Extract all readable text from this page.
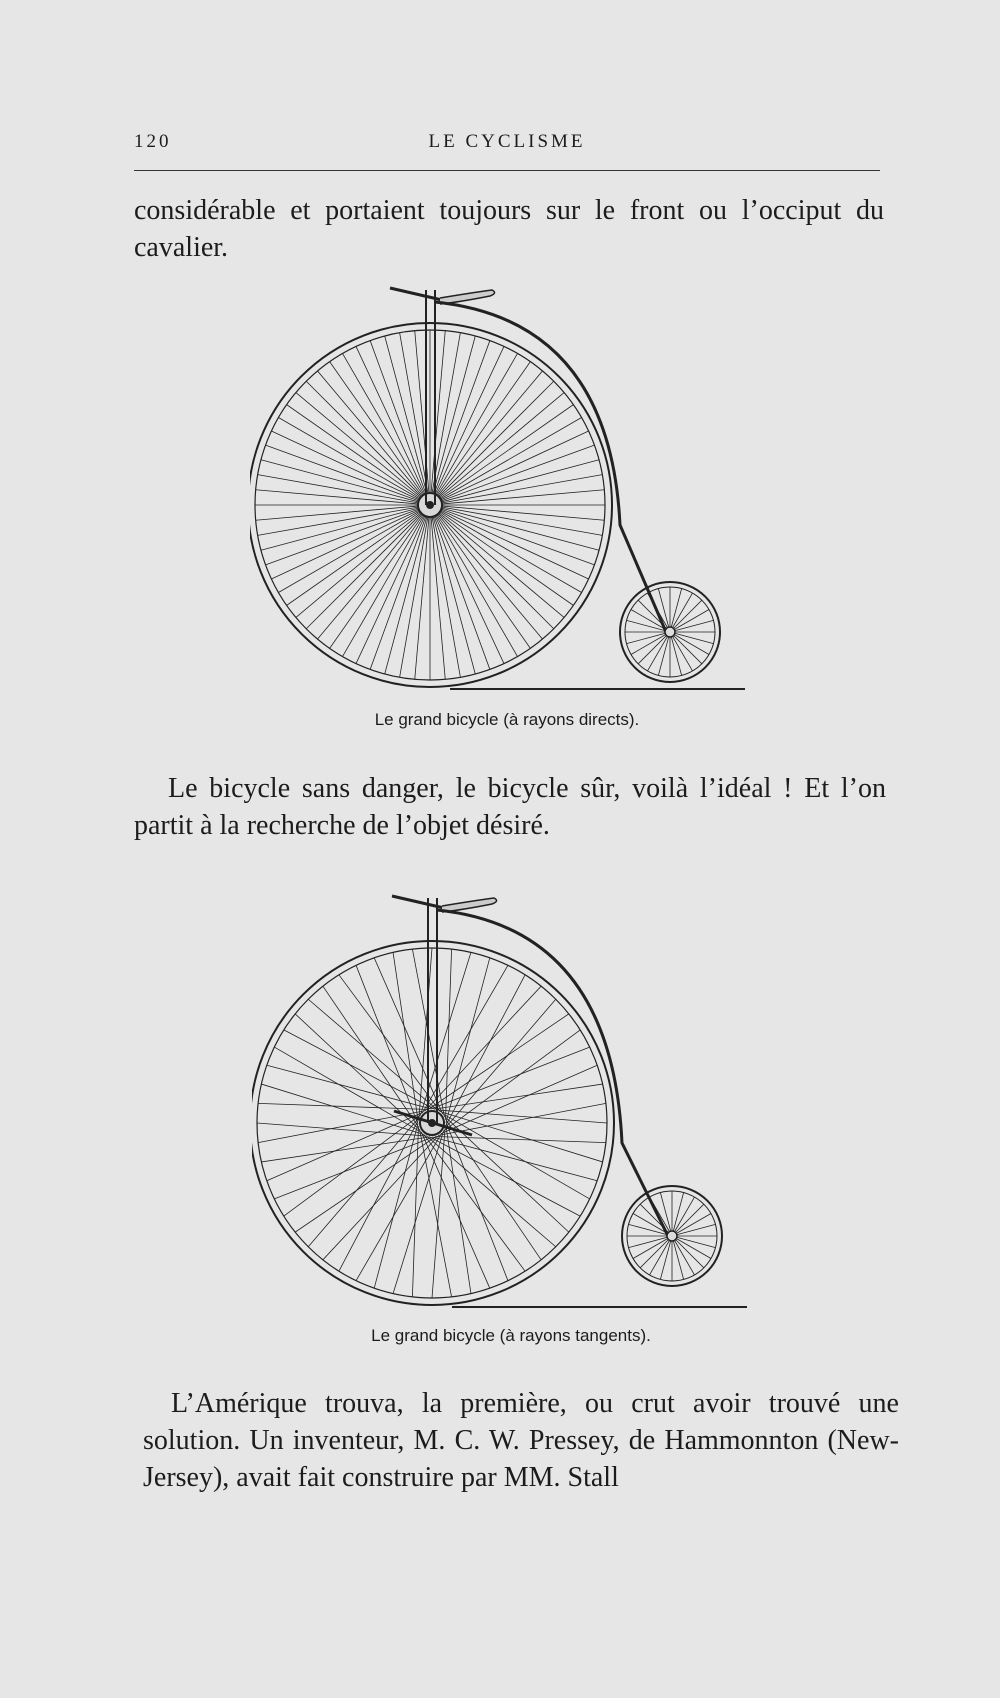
120	LE CYCLISME

considérable et portaient toujours sur le front ou l’occiput du cavalier.

Le grand bicycle (à rayons directs).

Le bicycle sans danger, le bicycle sûr, voilà l’idéal ! Et l’on partit à la recherche de l’objet désiré.

Le grand bicycle (à rayons tangents).

L’Amérique trouva, la première, ou crut avoir trouvé une solution. Un inventeur, M. C. W. Pressey, de Hammonnton (New-Jersey), avait fait construire par MM. Stall
